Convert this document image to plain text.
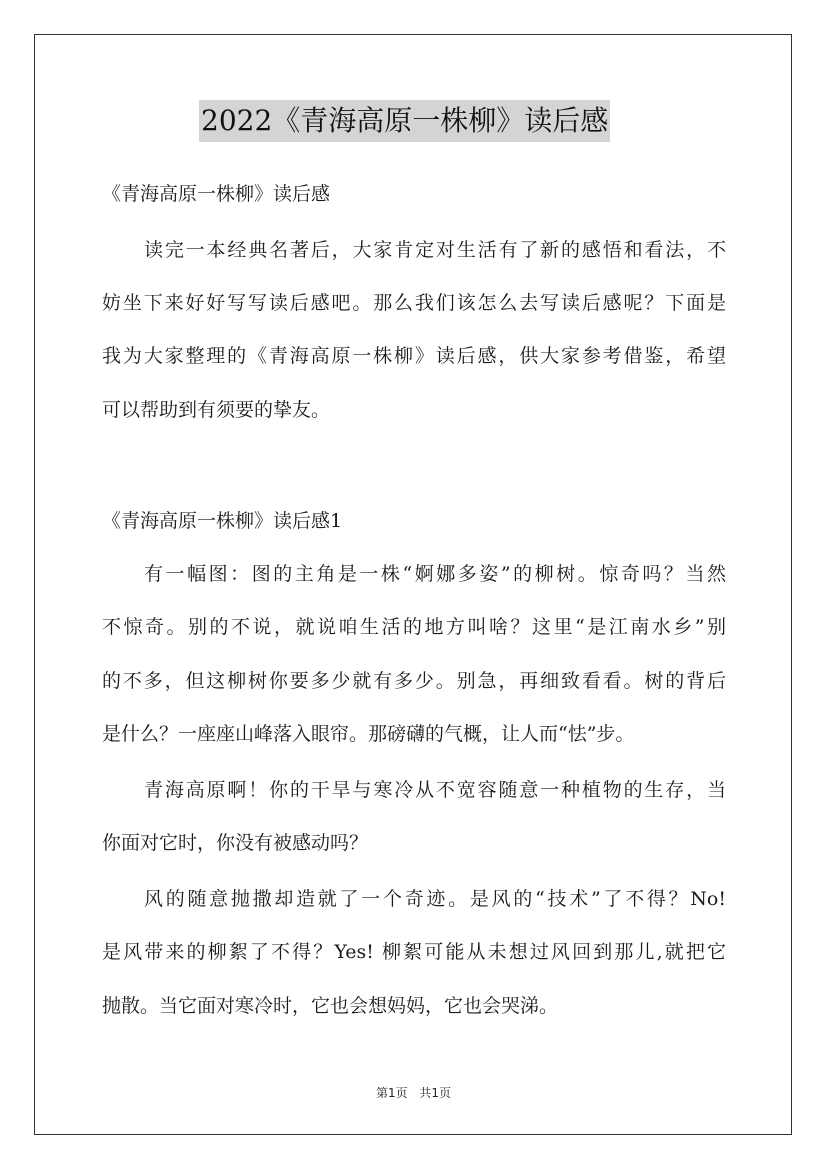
2022《青海高原一株柳》读后感
《青海高原一株柳》读后感
读完一本经典名著后，大家肯定对生活有了新的感悟和看法，不
妨坐下来好好写写读后感吧。那么我们该怎么去写读后感呢？下面是
我为大家整理的《青海高原一株柳》读后感，供大家参考借鉴，希望
可以帮助到有须要的挚友。
《青海高原一株柳》读后感1
有一幅图：图的主角是一株“婀娜多姿”的柳树。惊奇吗？当然
不惊奇。别的不说，就说咱生活的地方叫啥？这里“是江南水乡”别
的不多，但这柳树你要多少就有多少。别急，再细致看看。树的背后
是什么？一座座山峰落入眼帘。那磅礴的气概，让人而“怯”步。
青海高原啊！你的干旱与寒冷从不宽容随意一种植物的生存，当
你面对它时，你没有被感动吗？
风的随意抛撒却造就了一个奇迹。是风的“技术”了不得？No!
是风带来的柳絮了不得？Yes! 柳絮可能从未想过风回到那儿,就把它
抛散。当它面对寒冷时，它也会想妈妈，它也会哭涕。
第1页 共1页
